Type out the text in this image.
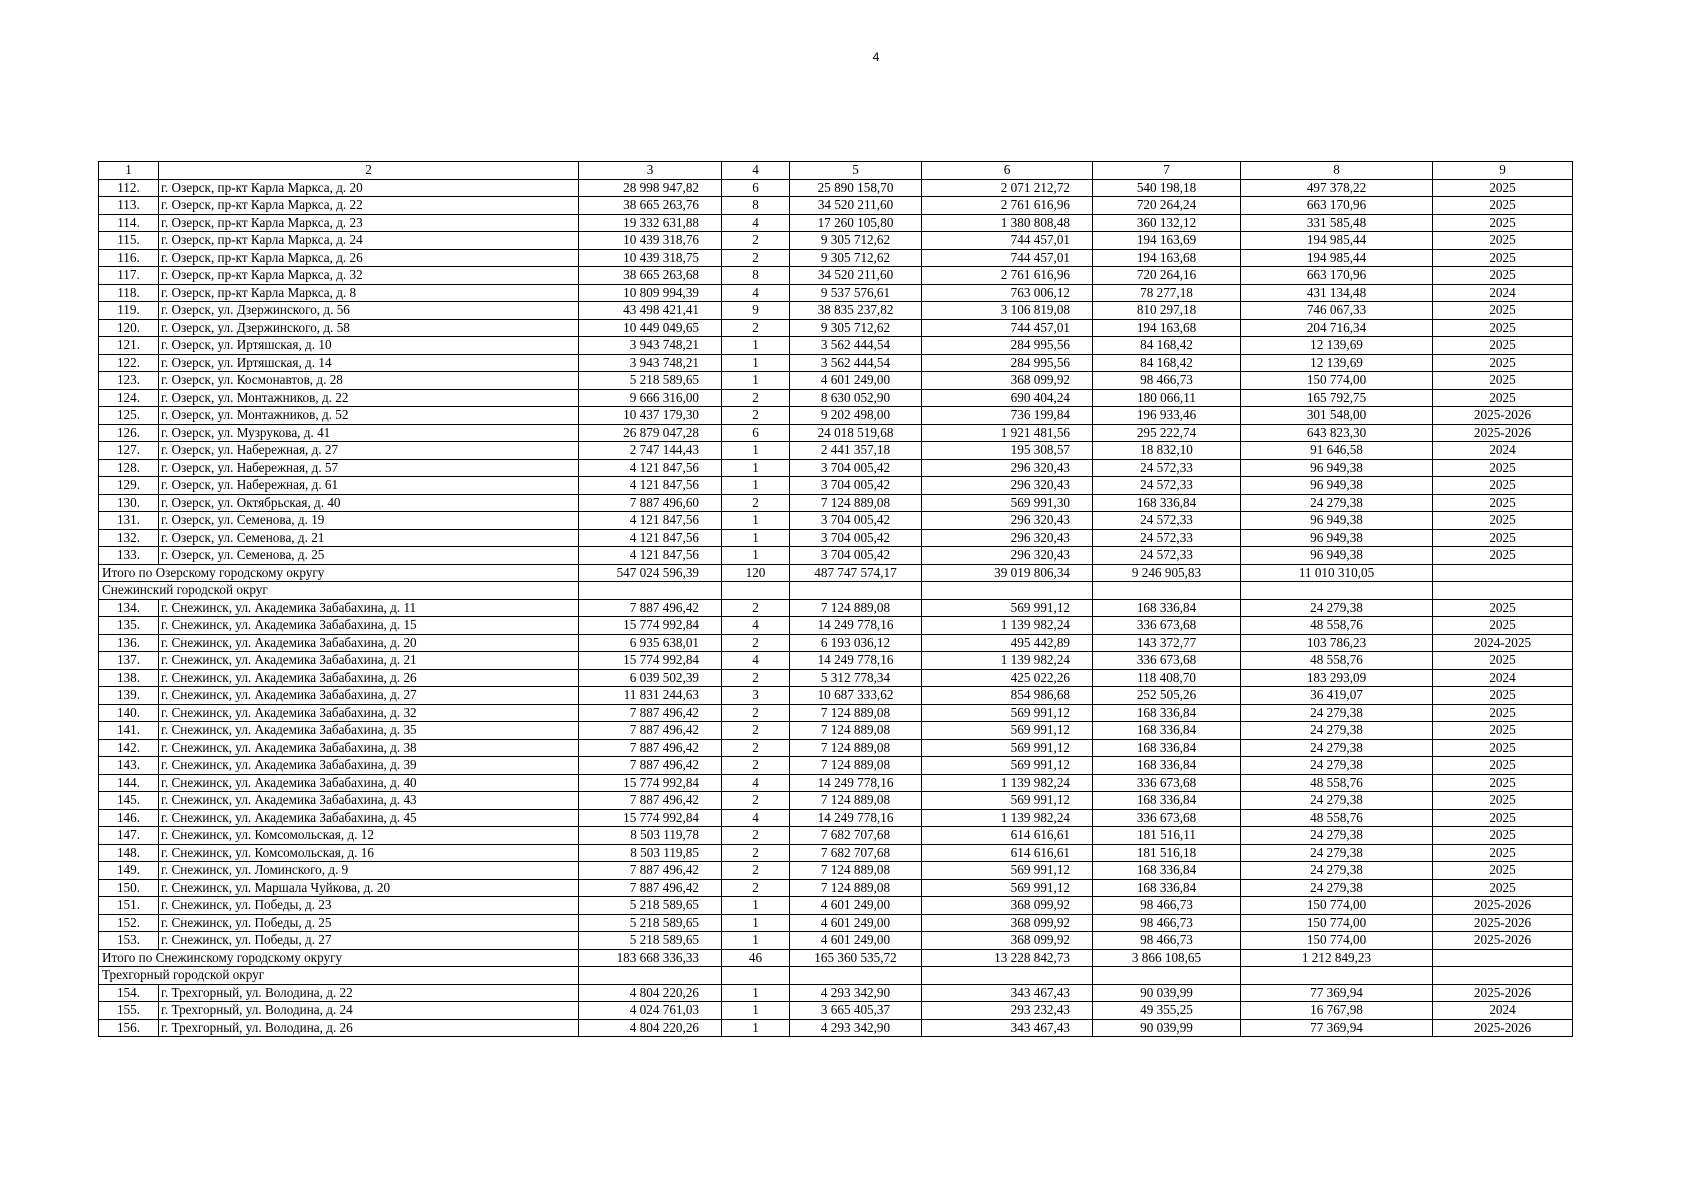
4
1	2	3	4	5	6	7	8	9
112.	г. Озерск, пр-кт Карла Маркса, д. 20	28 998 947,82	6	25 890 158,70	2 071 212,72	540 198,18	497 378,22	2025
113.	г. Озерск, пр-кт Карла Маркса, д. 22	38 665 263,76	8	34 520 211,60	2 761 616,96	720 264,24	663 170,96	2025
114.	г. Озерск, пр-кт Карла Маркса, д. 23	19 332 631,88	4	17 260 105,80	1 380 808,48	360 132,12	331 585,48	2025
115.	г. Озерск, пр-кт Карла Маркса, д. 24	10 439 318,76	2	9 305 712,62	744 457,01	194 163,69	194 985,44	2025
116.	г. Озерск, пр-кт Карла Маркса, д. 26	10 439 318,75	2	9 305 712,62	744 457,01	194 163,68	194 985,44	2025
117.	г. Озерск, пр-кт Карла Маркса, д. 32	38 665 263,68	8	34 520 211,60	2 761 616,96	720 264,16	663 170,96	2025
118.	г. Озерск, пр-кт Карла Маркса, д. 8	10 809 994,39	4	9 537 576,61	763 006,12	78 277,18	431 134,48	2024
119.	г. Озерск, ул. Дзержинского, д. 56	43 498 421,41	9	38 835 237,82	3 106 819,08	810 297,18	746 067,33	2025
120.	г. Озерск, ул. Дзержинского, д. 58	10 449 049,65	2	9 305 712,62	744 457,01	194 163,68	204 716,34	2025
121.	г. Озерск, ул. Иртяшская, д. 10	3 943 748,21	1	3 562 444,54	284 995,56	84 168,42	12 139,69	2025
122.	г. Озерск, ул. Иртяшская, д. 14	3 943 748,21	1	3 562 444,54	284 995,56	84 168,42	12 139,69	2025
123.	г. Озерск, ул. Космонавтов, д. 28	5 218 589,65	1	4 601 249,00	368 099,92	98 466,73	150 774,00	2025
124.	г. Озерск, ул. Монтажников, д. 22	9 666 316,00	2	8 630 052,90	690 404,24	180 066,11	165 792,75	2025
125.	г. Озерск, ул. Монтажников, д. 52	10 437 179,30	2	9 202 498,00	736 199,84	196 933,46	301 548,00	2025-2026
126.	г. Озерск, ул. Музрукова, д. 41	26 879 047,28	6	24 018 519,68	1 921 481,56	295 222,74	643 823,30	2025-2026
127.	г. Озерск, ул. Набережная, д. 27	2 747 144,43	1	2 441 357,18	195 308,57	18 832,10	91 646,58	2024
128.	г. Озерск, ул. Набережная, д. 57	4 121 847,56	1	3 704 005,42	296 320,43	24 572,33	96 949,38	2025
129.	г. Озерск, ул. Набережная, д. 61	4 121 847,56	1	3 704 005,42	296 320,43	24 572,33	96 949,38	2025
130.	г. Озерск, ул. Октябрьская, д. 40	7 887 496,60	2	7 124 889,08	569 991,30	168 336,84	24 279,38	2025
131.	г. Озерск, ул. Семенова, д. 19	4 121 847,56	1	3 704 005,42	296 320,43	24 572,33	96 949,38	2025
132.	г. Озерск, ул. Семенова, д. 21	4 121 847,56	1	3 704 005,42	296 320,43	24 572,33	96 949,38	2025
133.	г. Озерск, ул. Семенова, д. 25	4 121 847,56	1	3 704 005,42	296 320,43	24 572,33	96 949,38	2025
Итого по Озерскому городскому округу		547 024 596,39	120	487 747 574,17	39 019 806,34	9 246 905,83	11 010 310,05	
Снежинский городской округ								
134.	г. Снежинск, ул. Академика Забабахина, д. 11	7 887 496,42	2	7 124 889,08	569 991,12	168 336,84	24 279,38	2025
135.	г. Снежинск, ул. Академика Забабахина, д. 15	15 774 992,84	4	14 249 778,16	1 139 982,24	336 673,68	48 558,76	2025
136.	г. Снежинск, ул. Академика Забабахина, д. 20	6 935 638,01	2	6 193 036,12	495 442,89	143 372,77	103 786,23	2024-2025
137.	г. Снежинск, ул. Академика Забабахина, д. 21	15 774 992,84	4	14 249 778,16	1 139 982,24	336 673,68	48 558,76	2025
138.	г. Снежинск, ул. Академика Забабахина, д. 26	6 039 502,39	2	5 312 778,34	425 022,26	118 408,70	183 293,09	2024
139.	г. Снежинск, ул. Академика Забабахина, д. 27	11 831 244,63	3	10 687 333,62	854 986,68	252 505,26	36 419,07	2025
140.	г. Снежинск, ул. Академика Забабахина, д. 32	7 887 496,42	2	7 124 889,08	569 991,12	168 336,84	24 279,38	2025
141.	г. Снежинск, ул. Академика Забабахина, д. 35	7 887 496,42	2	7 124 889,08	569 991,12	168 336,84	24 279,38	2025
142.	г. Снежинск, ул. Академика Забабахина, д. 38	7 887 496,42	2	7 124 889,08	569 991,12	168 336,84	24 279,38	2025
143.	г. Снежинск, ул. Академика Забабахина, д. 39	7 887 496,42	2	7 124 889,08	569 991,12	168 336,84	24 279,38	2025
144.	г. Снежинск, ул. Академика Забабахина, д. 40	15 774 992,84	4	14 249 778,16	1 139 982,24	336 673,68	48 558,76	2025
145.	г. Снежинск, ул. Академика Забабахина, д. 43	7 887 496,42	2	7 124 889,08	569 991,12	168 336,84	24 279,38	2025
146.	г. Снежинск, ул. Академика Забабахина, д. 45	15 774 992,84	4	14 249 778,16	1 139 982,24	336 673,68	48 558,76	2025
147.	г. Снежинск, ул. Комсомольская, д. 12	8 503 119,78	2	7 682 707,68	614 616,61	181 516,11	24 279,38	2025
148.	г. Снежинск, ул. Комсомольская, д. 16	8 503 119,85	2	7 682 707,68	614 616,61	181 516,18	24 279,38	2025
149.	г. Снежинск, ул. Ломинского, д. 9	7 887 496,42	2	7 124 889,08	569 991,12	168 336,84	24 279,38	2025
150.	г. Снежинск, ул. Маршала Чуйкова, д. 20	7 887 496,42	2	7 124 889,08	569 991,12	168 336,84	24 279,38	2025
151.	г. Снежинск, ул. Победы, д. 23	5 218 589,65	1	4 601 249,00	368 099,92	98 466,73	150 774,00	2025-2026
152.	г. Снежинск, ул. Победы, д. 25	5 218 589,65	1	4 601 249,00	368 099,92	98 466,73	150 774,00	2025-2026
153.	г. Снежинск, ул. Победы, д. 27	5 218 589,65	1	4 601 249,00	368 099,92	98 466,73	150 774,00	2025-2026
Итого по Снежинскому городскому округу		183 668 336,33	46	165 360 535,72	13 228 842,73	3 866 108,65	1 212 849,23	
Трехгорный городской округ								
154.	г. Трехгорный, ул. Володина, д. 22	4 804 220,26	1	4 293 342,90	343 467,43	90 039,99	77 369,94	2025-2026
155.	г. Трехгорный, ул. Володина, д. 24	4 024 761,03	1	3 665 405,37	293 232,43	49 355,25	16 767,98	2024
156.	г. Трехгорный, ул. Володина, д. 26	4 804 220,26	1	4 293 342,90	343 467,43	90 039,99	77 369,94	2025-2026
